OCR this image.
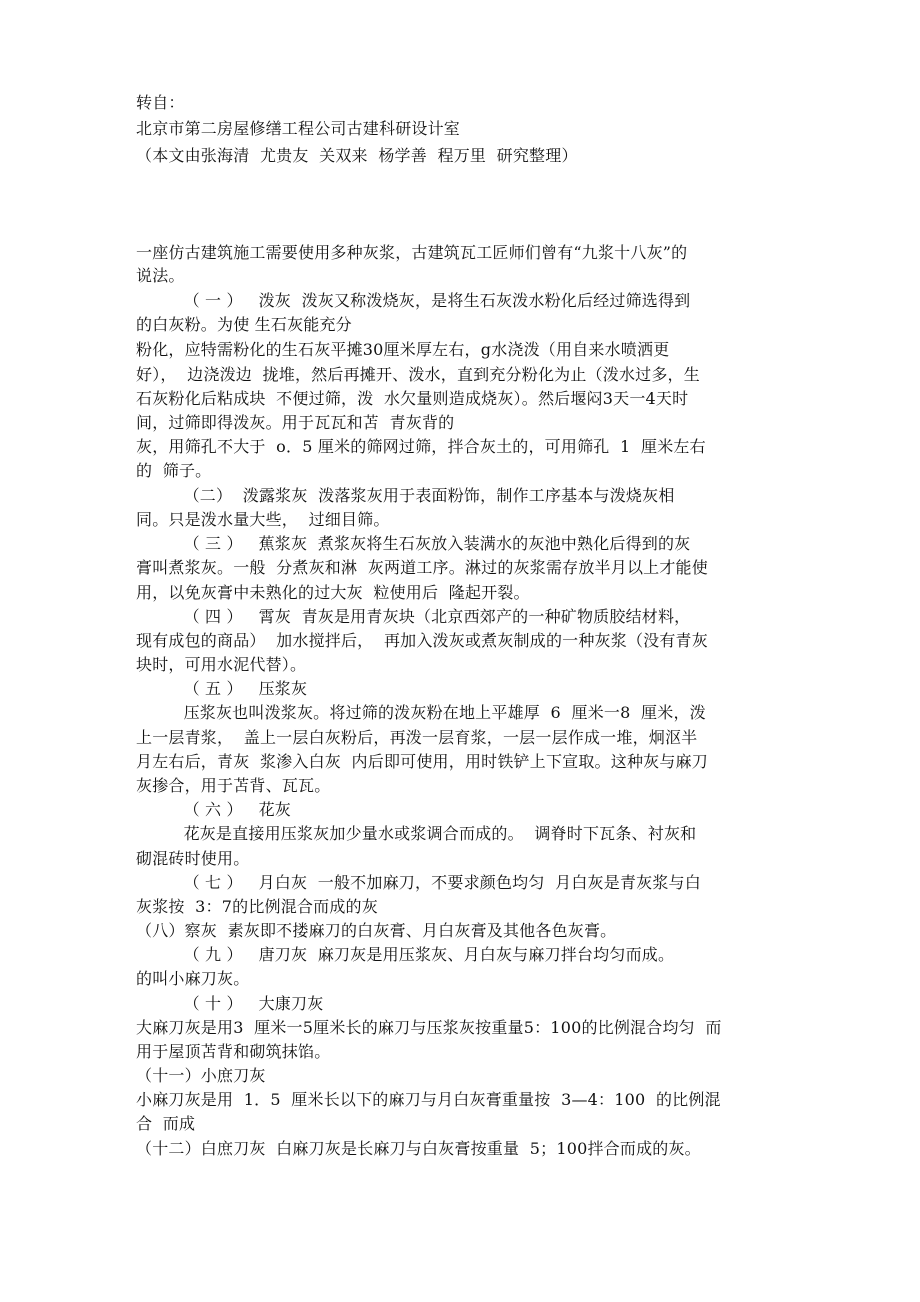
转自：
北京市第二房屋修缮工程公司古建科研设计室
（本文由张海清  尤贵友  关双来  杨学善  程万里  研究整理）
一座仿古建筑施工需要使用多种灰浆，古建筑瓦工匠师们曾有“九浆十八灰”的
说法。
（ 一 ）   泼灰  泼灰又称泼烧灰，是将生石灰泼水粉化后经过筛选得到
的白灰粉。为使 生石灰能充分
粉化，应特需粉化的生石灰平摊30厘米厚左右，g水浇泼（用自来水喷洒更
好），  边浇泼边  拢堆，然后再摊开、泼水，直到充分粉化为止（泼水过多，生
石灰粉化后粘成块  不便过筛，泼  水欠量则造成烧灰）。然后堰闷3天一4天时
间，过筛即得泼灰。用于瓦瓦和苫  青灰背的
灰，用筛孔不大于  o．5 厘米的筛网过筛，拌合灰土的，可用筛孔  1  厘米左右
的  筛子。
（二）  泼露浆灰  泼落浆灰用于表面粉饰，制作工序基本与泼烧灰相
同。只是泼水量大些，  过细目筛。
（ 三 ）   蕉浆灰  煮浆灰将生石灰放入装满水的灰池中熟化后得到的灰
膏叫煮浆灰。一般  分煮灰和淋  灰两道工序。淋过的灰浆需存放半月以上才能使
用，以免灰膏中未熟化的过大灰  粒使用后  隆起开裂。
（ 四 ）   霄灰  青灰是用青灰块（北京西郊产的一种矿物质胶结材料，
现有成包的商品）  加水搅拌后，  再加入泼灰或煮灰制成的一种灰浆（没有青灰
块时，可用水泥代替）。
（ 五 ）   压浆灰
压浆灰也叫泼浆灰。将过筛的泼灰粉在地上平雄厚  6  厘米一8  厘米，泼
上一层青浆，  盖上一层白灰粉后，再泼一层育浆，一层一层作成一堆，炯沤半
月左右后，青灰  浆渗入白灰  内后即可使用，用时铁铲上下宣取。这种灰与麻刀
灰掺合，用于苫背、瓦瓦。
（ 六 ）   花灰
花灰是直接用压浆灰加少量水或浆调合而成的。  调脊时下瓦条、衬灰和
砌混砖时使用。
（ 七 ）   月白灰  一般不加麻刀，不要求颜色均匀  月白灰是青灰浆与白
灰浆按  3：7的比例混合而成的灰
（八）察灰  素灰即不搂麻刀的白灰膏、月白灰膏及其他各色灰膏。
（ 九 ）   唐刀灰  麻刀灰是用压浆灰、月白灰与麻刀拌台均匀而成。
的叫小麻刀灰。
（ 十 ）   大康刀灰
大麻刀灰是用3  厘米一5厘米长的麻刀与压浆灰按重量5：100的比例混合均匀  而
用于屋顶苫背和砌筑抹馅。
（十一）小庶刀灰
小麻刀灰是用  1．5  厘米长以下的麻刀与月白灰膏重量按  3—4：100  的比例混
合  而成
（十二）白庶刀灰  白麻刀灰是长麻刀与白灰膏按重量  5；100拌合而成的灰。
